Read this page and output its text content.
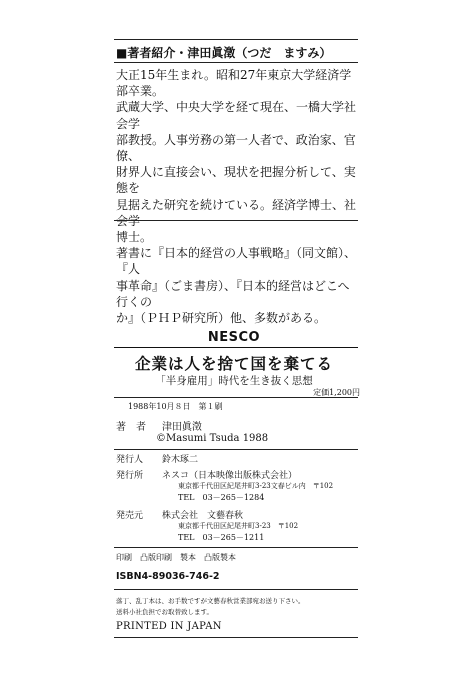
■著者紹介・津田眞澂（つだ　ますみ）

大正15年生まれ。昭和27年東京大学経済学部卒業。

武蔵大学、中央大学を経て現在、一橋大学社会学

部教授。人事労務の第一人者で、政治家、官僚、

財界人に直接会い、現状を把握分析して、実態を

見据えた研究を続けている。経済学博士、社会学

博士。

著書に『日本的経営の人事戦略』（同文館）、『人

事革命』（ごま書房）、『日本的経営はどこへ行くの

か』（ＰＨＰ研究所）他、多数がある。

NESCO
企業は人を捨て国を棄てる
「半身雇用」時代を生き抜く思想
定価1,200円
1988年10月８日　第１刷
著　者 津田眞澂
©Masumi Tsuda 1988
発行人 鈴木琢二
発行所 ネスコ（日本映像出版株式会社）
東京都千代田区紀尾井町3-23文春ビル内　〒102
TEL　03－265－1284
発売元 株式会社　文藝春秋
東京都千代田区紀尾井町3-23　〒102
TEL　03－265－1211
印刷　凸版印刷　製本　凸版製本
ISBN4-89036-746-2
落丁、乱丁本は、お手数ですが文藝春秋営業部宛お送り下さい。
送料小社負担でお取替致します。
PRINTED IN JAPAN
